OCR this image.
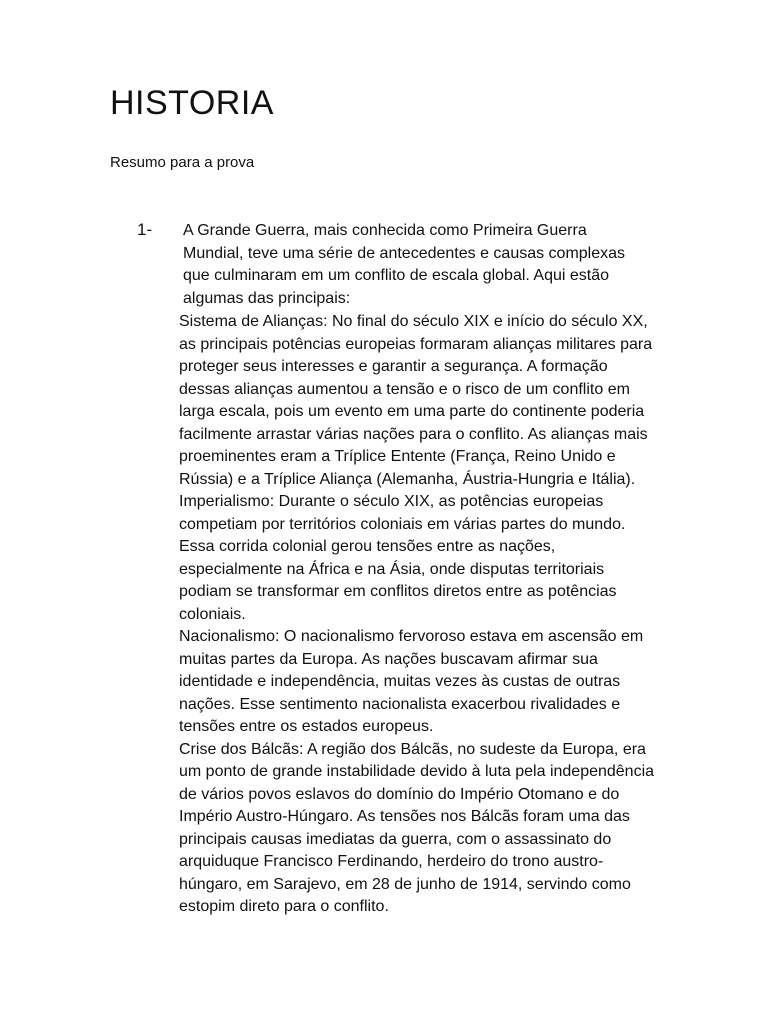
HISTORIA

Resumo para a prova

1- A Grande Guerra, mais conhecida como Primeira Guerra Mundial, teve uma série de antecedentes e causas complexas que culminaram em um conflito de escala global. Aqui estão algumas das principais:

Sistema de Alianças: No final do século XIX e início do século XX, as principais potências europeias formaram alianças militares para proteger seus interesses e garantir a segurança. A formação dessas alianças aumentou a tensão e o risco de um conflito em larga escala, pois um evento em uma parte do continente poderia facilmente arrastar várias nações para o conflito. As alianças mais proeminentes eram a Tríplice Entente (França, Reino Unido e Rússia) e a Tríplice Aliança (Alemanha, Áustria-Hungria e Itália).

Imperialismo: Durante o século XIX, as potências europeias competiam por territórios coloniais em várias partes do mundo. Essa corrida colonial gerou tensões entre as nações, especialmente na África e na Ásia, onde disputas territoriais podiam se transformar em conflitos diretos entre as potências coloniais.

Nacionalismo: O nacionalismo fervoroso estava em ascensão em muitas partes da Europa. As nações buscavam afirmar sua identidade e independência, muitas vezes às custas de outras nações. Esse sentimento nacionalista exacerbou rivalidades e tensões entre os estados europeus.

Crise dos Bálcãs: A região dos Bálcãs, no sudeste da Europa, era um ponto de grande instabilidade devido à luta pela independência de vários povos eslavos do domínio do Império Otomano e do Império Austro-Húngaro. As tensões nos Bálcãs foram uma das principais causas imediatas da guerra, com o assassinato do arquiduque Francisco Ferdinando, herdeiro do trono austro-húngaro, em Sarajevo, em 28 de junho de 1914, servindo como estopim direto para o conflito.
